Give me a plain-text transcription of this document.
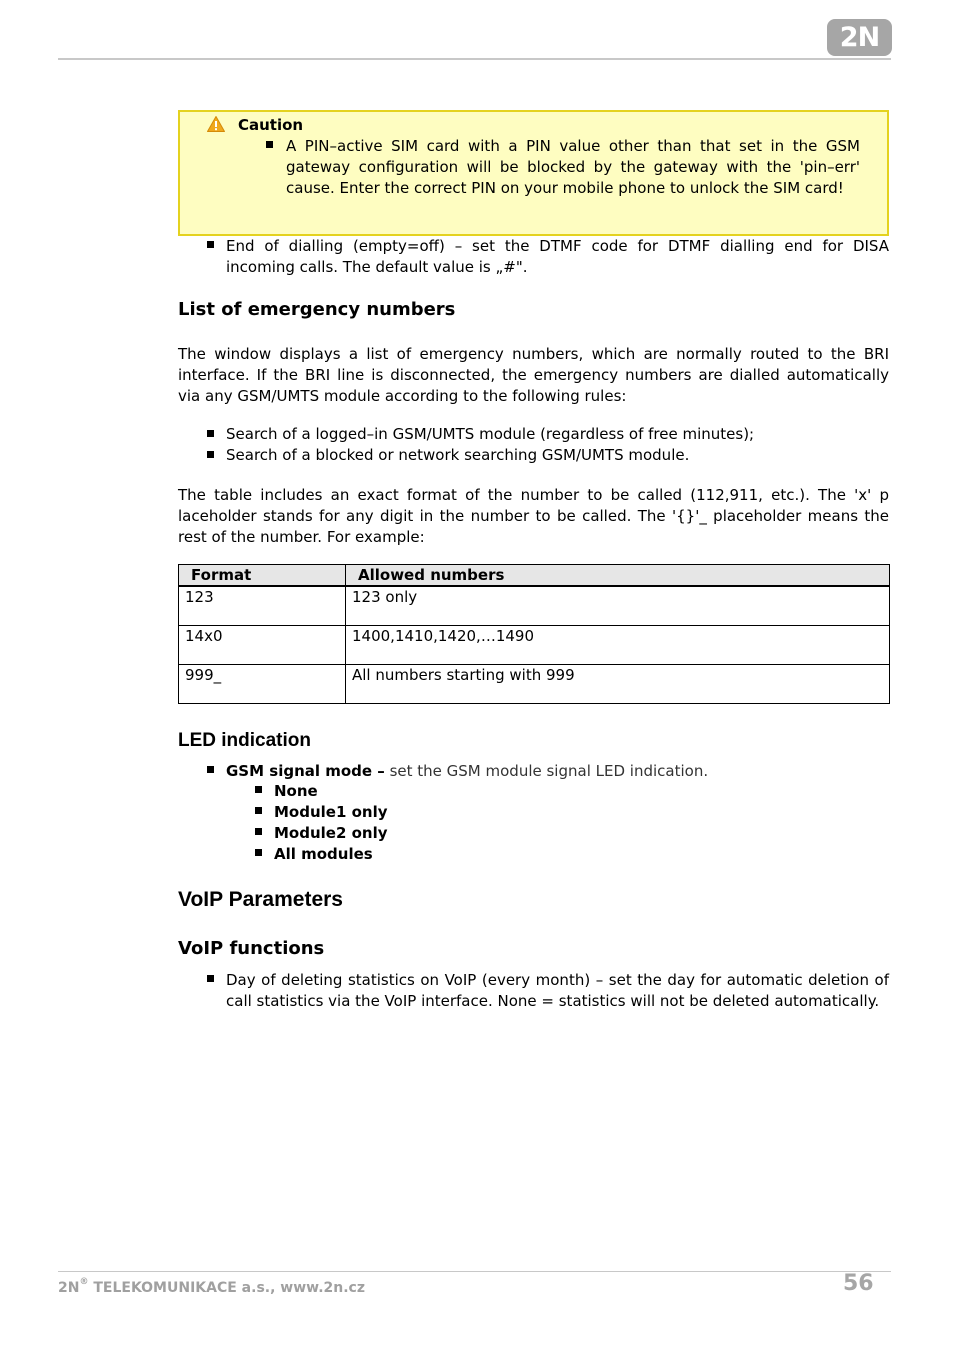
2N
Caution
A PIN–active SIM card with a PIN value other than that set in the GSM gateway configuration will be blocked by the gateway with the 'pin–err' cause. Enter the correct PIN on your mobile phone to unlock the SIM card!
End of dialling (empty=off) – set the DTMF code for DTMF dialling end for DISA incoming calls. The default value is „#".
List of emergency numbers
The window displays a list of emergency numbers, which are normally routed to the BRI interface. If the BRI line is disconnected, the emergency numbers are dialled automatically via any GSM/UMTS module according to the following rules:
Search of a logged–in GSM/UMTS module (regardless of free minutes);
Search of a blocked or network searching GSM/UMTS module.
The table includes an exact format of the number to be called (112,911, etc.). The 'x' p laceholder stands for any digit in the number to be called. The '{}'_ placeholder means the rest of the number. For example:
Format	Allowed numbers
123	123 only
14x0	1400,1410,1420,…1490
999_	All numbers starting with 999
LED indication
GSM signal mode – set the GSM module signal LED indication.
None
Module1 only
Module2 only
All modules
VoIP Parameters
VoIP functions
Day of deleting statistics on VoIP (every month) – set the day for automatic deletion of call statistics via the VoIP interface. None = statistics will not be deleted automatically.
2N® TELEKOMUNIKACE a.s., www.2n.cz	56
